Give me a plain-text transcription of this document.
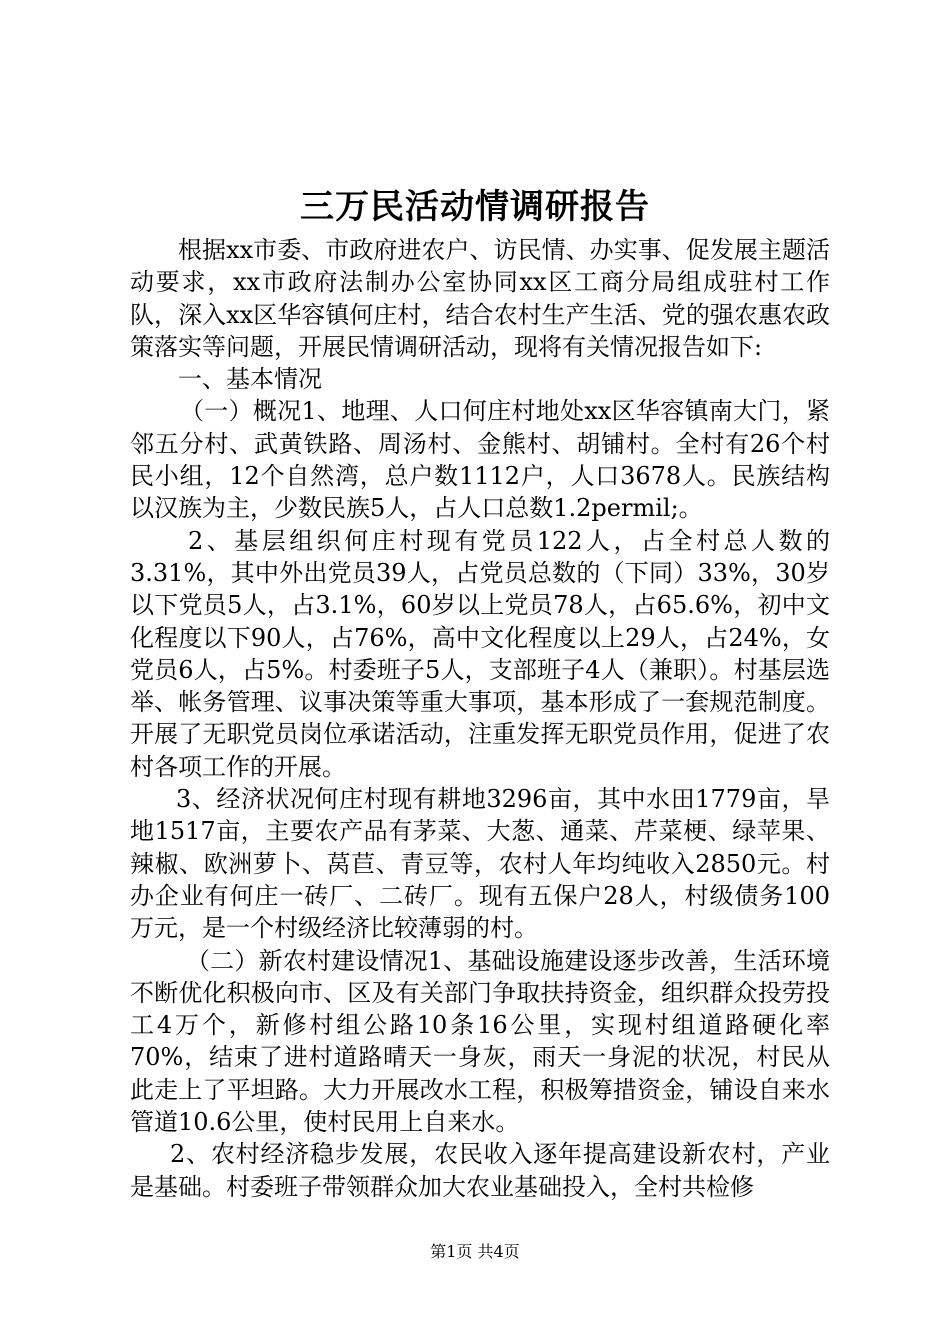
三万民活动情调研报告

根据xx市委、市政府进农户、访民情、办实事、促发展主题活动要求，xx市政府法制办公室协同xx区工商分局组成驻村工作队，深入xx区华容镇何庄村，结合农村生产生活、党的强农惠农政策落实等问题，开展民情调研活动，现将有关情况报告如下:

一、基本情况

（一）概况1、地理、人口何庄村地处xx区华容镇南大门，紧邻五分村、武黄铁路、周汤村、金熊村、胡铺村。全村有26个村民小组，12个自然湾，总户数1112户，人口3678人。民族结构以汉族为主，少数民族5人，占人口总数1.2permil;。

2、基层组织何庄村现有党员122人，占全村总人数的3.31%，其中外出党员39人，占党员总数的（下同）33%，30岁以下党员5人，占3.1%，60岁以上党员78人，占65.6%，初中文化程度以下90人，占76%，高中文化程度以上29人，占24%，女党员6人，占5%。村委班子5人，支部班子4人（兼职）。村基层选举、帐务管理、议事决策等重大事项，基本形成了一套规范制度。开展了无职党员岗位承诺活动，注重发挥无职党员作用，促进了农村各项工作的开展。

3、经济状况何庄村现有耕地3296亩，其中水田1779亩，旱地1517亩，主要农产品有茅菜、大葱、通菜、芹菜梗、绿苹果、辣椒、欧洲萝卜、莴苣、青豆等，农村人年均纯收入2850元。村办企业有何庄一砖厂、二砖厂。现有五保户28人，村级债务100万元，是一个村级经济比较薄弱的村。

（二）新农村建设情况1、基础设施建设逐步改善，生活环境不断优化积极向市、区及有关部门争取扶持资金，组织群众投劳投工4万个，新修村组公路10条16公里，实现村组道路硬化率70%，结束了进村道路晴天一身灰，雨天一身泥的状况，村民从此走上了平坦路。大力开展改水工程，积极筹措资金，铺设自来水管道10.6公里，使村民用上自来水。

2、农村经济稳步发展，农民收入逐年提高建设新农村，产业是基础。村委班子带领群众加大农业基础投入，全村共检修

第1页 共4页
